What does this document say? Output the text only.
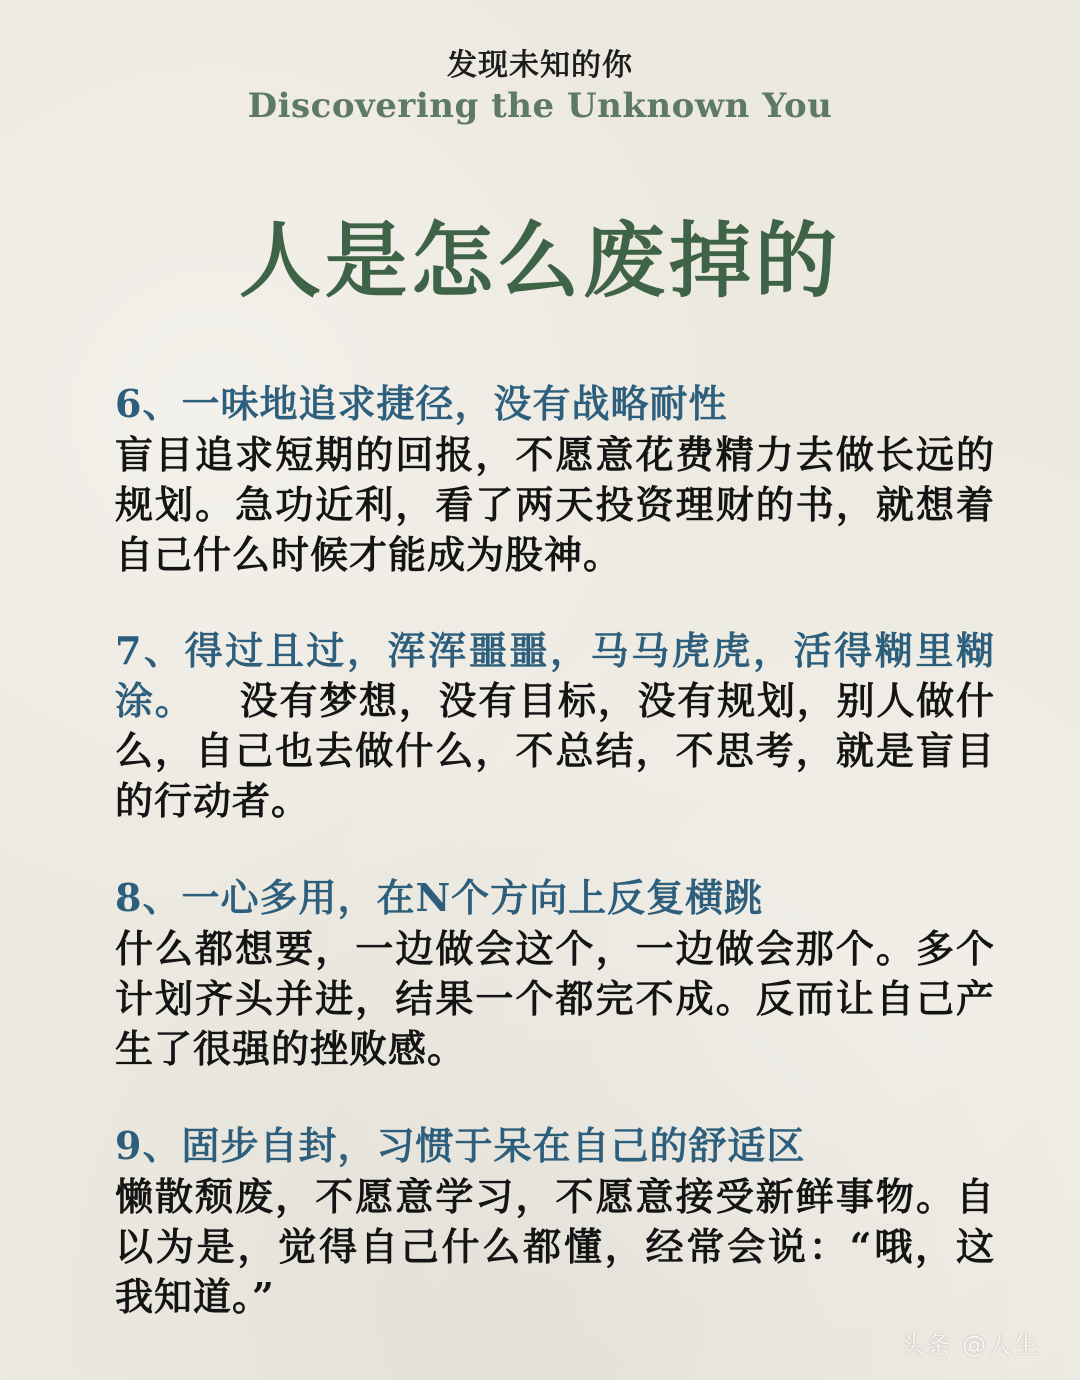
发现未知的你
Discovering the Unknown You
人是怎么废掉的
6、一味地追求捷径，没有战略耐性
盲目追求短期的回报，不愿意花费精力去做长远的规划。急功近利，看了两天投资理财的书，就想着自己什么时候才能成为股神。
7、得过且过，浑浑噩噩，马马虎虎，活得糊里糊涂。 没有梦想，没有目标，没有规划，别人做什么，自己也去做什么，不总结，不思考，就是盲目的行动者。
8、一心多用，在N个方向上反复横跳
什么都想要，一边做会这个，一边做会那个。多个计划齐头并进，结果一个都完不成。反而让自己产生了很强的挫败感。
9、固步自封，习惯于呆在自己的舒适区
懒散颓废，不愿意学习，不愿意接受新鲜事物。自以为是，觉得自己什么都懂，经常会说：“哦，这我知道。”
头条 @人生
